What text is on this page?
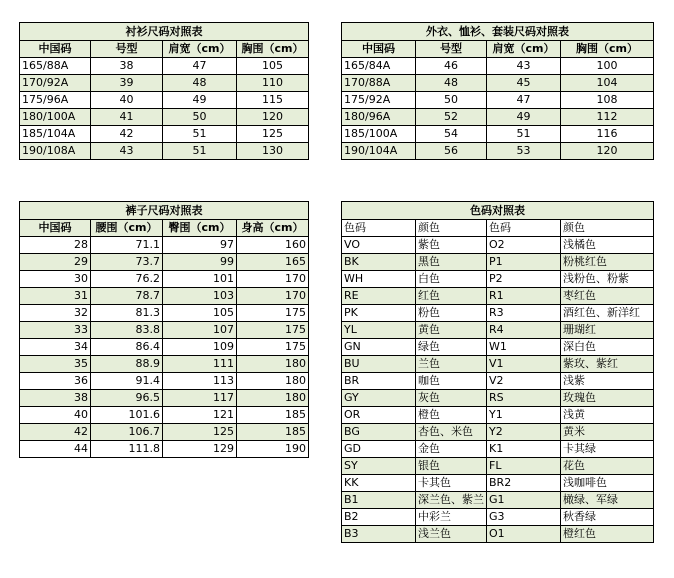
衬衫尺码对照表			
中国码	号型	肩宽（cm）	胸围（cm）
165/88A	38	47	105
170/92A	39	48	110
175/96A	40	49	115
180/100A	41	50	120
185/104A	42	51	125
190/108A	43	51	130
外衣、恤衫、套装尺码对照表			
中国码	号型	肩宽（cm）	胸围（cm）
165/84A	46	43	100
170/88A	48	45	104
175/92A	50	47	108
180/96A	52	49	112
185/100A	54	51	116
190/104A	56	53	120
裤子尺码对照表			
中国码	腰围（cm）	臀围（cm）	身高（cm）
28	71.1	97	160
29	73.7	99	165
30	76.2	101	170
31	78.7	103	170
32	81.3	105	175
33	83.8	107	175
34	86.4	109	175
35	88.9	111	180
36	91.4	113	180
38	96.5	117	180
40	101.6	121	185
42	106.7	125	185
44	111.8	129	190
色码对照表			
色码	颜色	色码	颜色
VO	紫色	O2	浅橘色
BK	黑色	P1	粉桃红色
WH	白色	P2	浅粉色、粉紫
RE	红色	R1	枣红色
PK	粉色	R3	酒红色、新洋红
YL	黄色	R4	珊瑚红
GN	绿色	W1	深白色
BU	兰色	V1	紫玫、紫红
BR	咖色	V2	浅紫
GY	灰色	RS	玫瑰色
OR	橙色	Y1	浅黄
BG	杏色、米色	Y2	黄米
GD	金色	K1	卡其绿
SY	银色	FL	花色
KK	卡其色	BR2	浅咖啡色
B1	深兰色、紫兰	G1	橄绿、军绿
B2	中彩兰	G3	秋香绿
B3	浅兰色	O1	橙红色
